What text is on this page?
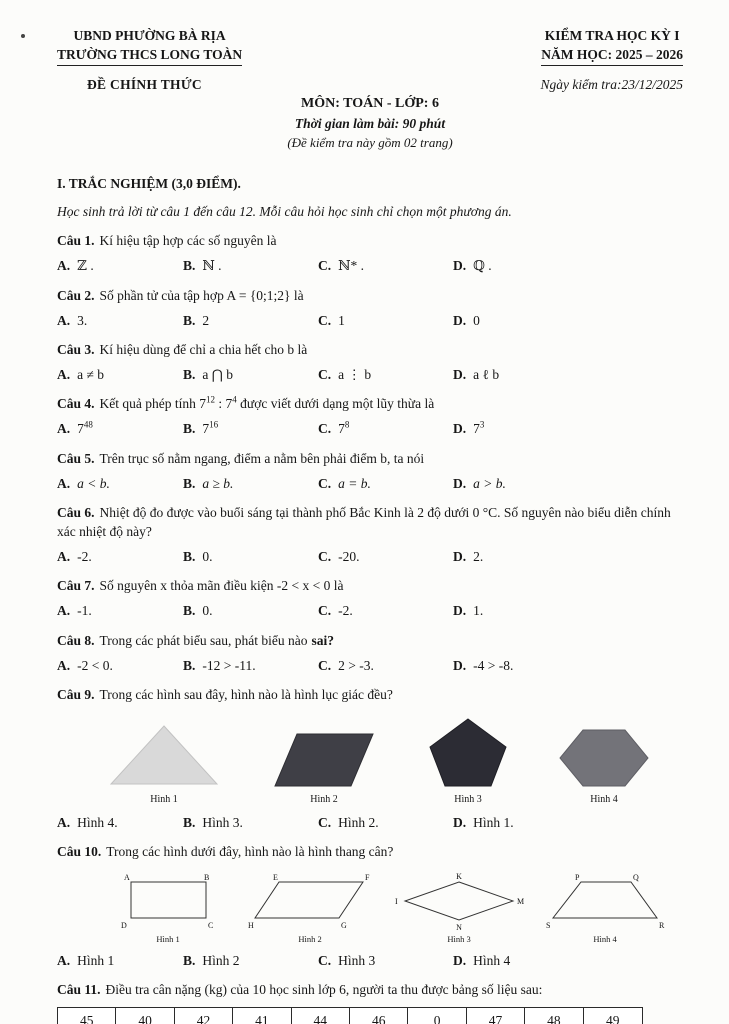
UBND PHƯỜNG BÀ RỊA
TRƯỜNG THCS LONG TOÀN
KIỂM TRA HỌC KỲ I
NĂM HỌC: 2025 – 2026
ĐỀ CHÍNH THỨC	Ngày kiểm tra:23/12/2025
MÔN: TOÁN - LỚP: 6
Thời gian làm bài: 90 phút
(Đề kiểm tra này gồm 02 trang)
I. TRẮC NGHIỆM (3,0 ĐIỂM).
Học sinh trả lời từ câu 1 đến câu 12. Mỗi câu hỏi học sinh chỉ chọn một phương án.

Câu 1. Kí hiệu tập hợp các số nguyên là

A. ℤ .	B. ℕ .	C. ℕ* .	D. ℚ .

Câu 2. Số phần tử của tập hợp A = {0;1;2} là

A. 3.	B. 2	C. 1	D. 0

Câu 3. Kí hiệu dùng để chỉ a chia hết cho b là

A. a ≠ b	B. a ⋂ b	C. a ⋮ b	D. a ℓ b

Câu 4. Kết quả phép tính $7^{12}$ : $7^4$ được viết dưới dạng một lũy thừa là

A. $7^{48}$	B. $7^{16}$	C. $7^8$	D. $7^3$

Câu 5. Trên trục số nằm ngang, điểm a nằm bên phải điểm b, ta nói

A. a < b.	B. a ≥ b.	C. a = b.	D. a > b.

Câu 6. Nhiệt độ đo được vào buổi sáng tại thành phố Bắc Kinh là 2 độ dưới 0 °C. Số nguyên nào biểu diễn chính xác nhiệt độ này?

A. -2.	B. 0.	C. -20.	D. 2.

Câu 7. Số nguyên x thỏa mãn điều kiện -2 < x < 0 là

A. -1.	B. 0.	C. -2.	D. 1.

Câu 8. Trong các phát biểu sau, phát biểu nào sai?

A. -2 < 0.	B. -12 > -11.	C. 2 > -3.	D. -4 > -8.

Câu 9. Trong các hình sau đây, hình nào là hình lục giác đều?

Hình 1	Hình 2	Hình 3	Hình 4
A. Hình 4.	B. Hình 3.	C. Hình 2.	D. Hình 1.

Câu 10. Trong các hình dưới đây, hình nào là hình thang cân?

A	B
D	C
Hình 1
E	F
H	G
Hình 2
K
I	M
N
Hình 3
P	Q
S	R
Hình 4
A. Hình 1	B. Hình 2	C. Hình 3	D. Hình 4

Câu 11. Điều tra cân nặng (kg) của 10 học sinh lớp 6, người ta thu được bảng số liệu sau:

45	40	42	41	44	46	0	47	48	49
